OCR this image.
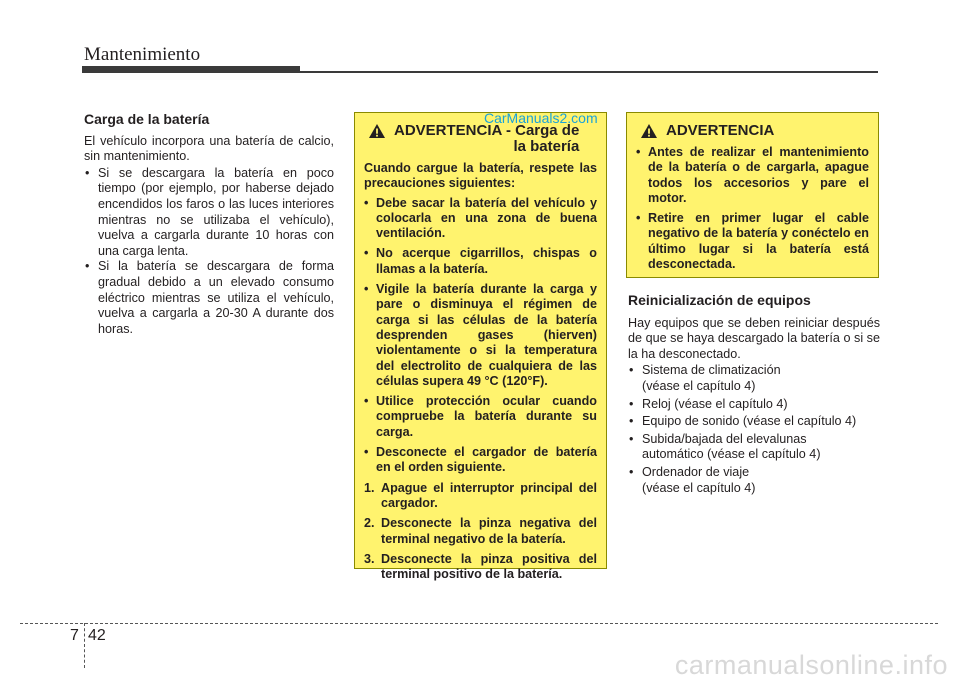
Mantenimiento
Carga de la batería

El vehículo incorpora una batería de calcio, sin mantenimiento.

• Si se descargara la batería en poco tiempo (por ejemplo, por haberse dejado encendidos los faros o las luces interiores mientras no se utilizaba el vehículo), vuelva a cargarla durante 10 horas con una carga lenta.
• Si la batería se descargara de forma gradual debido a un elevado consumo eléctrico mientras se utiliza el vehículo, vuelva a cargarla a 20-30 A durante dos horas.
ADVERTENCIA - Carga de
la batería

Cuando cargue la batería, respete las precauciones siguientes:

• Debe sacar la batería del vehículo y colocarla en una zona de buena ventilación.
• No acerque cigarrillos, chispas o llamas a la batería.
• Vigile la batería durante la carga y pare o disminuya el régimen de carga si las células de la batería desprenden gases (hierven) violentamente o si la temperatura del electrolito de cualquiera de las células supera 49 °C (120°F).
• Utilice protección ocular cuando compruebe la batería durante su carga.
• Desconecte el cargador de batería en el orden siguiente.
1. Apague el interruptor principal del cargador.
2. Desconecte la pinza negativa del terminal negativo de la batería.
3. Desconecte la pinza positiva del terminal positivo de la batería.
CarManuals2.com
ADVERTENCIA
• Antes de realizar el mantenimiento de la batería o de cargarla, apague todos los accesorios y pare el motor.
• Retire en primer lugar el cable negativo de la batería y conéctelo en último lugar si la batería está desconectada.
Reinicialización de equipos

Hay equipos que se deben reiniciar después de que se haya descargado la batería o si se la ha desconectado.

• Sistema de climatización
(véase el capítulo 4)
• Reloj (véase el capítulo 4)
• Equipo de sonido (véase el capítulo 4)
• Subida/bajada del elevalunas
automático (véase el capítulo 4)
• Ordenador de viaje
(véase el capítulo 4)
7 42
carmanualsonline.info
